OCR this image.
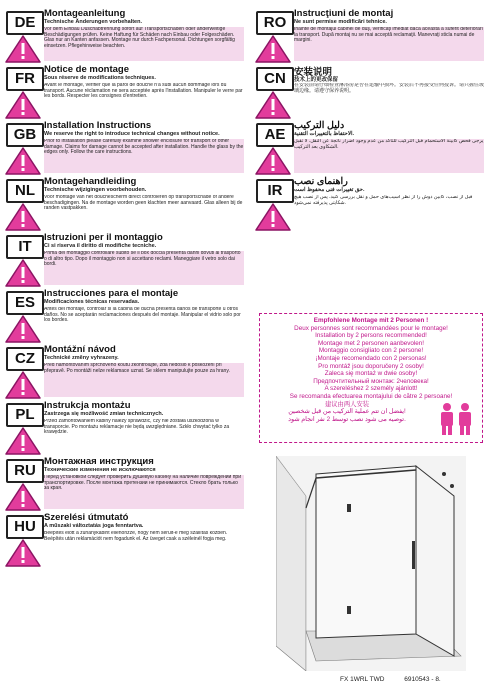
DE
Montageanleitung
Technische Änderungen vorbehalten.
Vor dem Einbau Duschabtrennung sofort auf Transportschäden oder anderweitige Beschädigungen prüfen. Keine Haftung für Schäden nach Einbau oder Folgeschäden. Glas nur an Kanten anfassen. Montage nur durch Fachpersonal. Dichtungen sorgfältig einsetzen. Pflegehinweise beachten.
FR
Notice de montage
Sous réserve de modifications techniques.
Avant le montage, vérifier que la paroi de douche n'a subi aucun dommage lors du transport. Aucune réclamation ne sera acceptée après l'installation. Manipuler le verre par les bords. Respecter les consignes d'entretien.
GB
Installation Instructions
We reserve the right to introduce technical changes without notice.
Prior to installation please carefully examine shower enclosure for transport or other damage. Claims for damage cannot be accepted after installation. Handle the glass by the edges only. Follow the care instructions.
NL
Montagehandleiding
Technische wijzigingen voorbehouden.
Voor montage van het douchescherm direct controleren op transportschade of andere beschadigingen. Na de montage worden geen klachten meer aanvaard. Glas alleen bij de randen vastpakken.
IT
Istruzioni per il montaggio
Ci si riserva il diritto di modifiche tecniche.
Prima del montaggio controllare subito se il box doccia presenta danni dovuti al trasporto o di altro tipo. Dopo il montaggio non si accettano reclami. Maneggiare il vetro solo dai bordi.
ES
Instrucciones para el montaje
Modificaciones técnicas reservadas.
Antes del montaje, controlar si la cabina de ducha presenta daños de transporte u otros daños. No se aceptarán reclamaciones después del montaje. Manipular el vidrio solo por los bordes.
CZ
Montážní návod
Technické změny vyhrazeny.
Před namontováním sprchového koutu zkontrolujte, zda nedošlo k poškození při přepravě. Po montáži nelze reklamace uznat. Se sklem manipulujte pouze za hrany.
PL
Instrukcja montażu
Zastrzega się możliwość zmian technicznych.
Przed zamontowaniem kabiny należy sprawdzić, czy nie została uszkodzona w transporcie. Po montażu reklamacje nie będą uwzględniane. Szkło chwytać tylko za krawędzie.
RU
Монтажная инструкция
Технические изменения не исключаются
Перед установкой следует проверить душевую кабину на наличие повреждений при транспортировке. После монтажа претензии не принимаются. Стекло брать только за края.
HU
Szerelési útmutató
A műszaki változtatás joga fenntartva.
Beépítés előtt a zuhanykabint ellenőrizze, hogy nem sérült-e meg szállítás közben. Beépítés után reklamációt nem fogadunk el. Az üveget csak a széleinél fogja meg.
RO
Instrucţiuni de montaj
Ne sunt permise modificări tehnice.
Înainte de montajul cabinei de duş, verificaţi imediat dacă aceasta a suferit deteriorări la transport. După montaj nu se mai acceptă reclamaţii. Manevraţi sticla numai de margini.
CN 安装说明
技术上的更改保留
在安装前请仔细检查淋浴房是否在运输中损坏。安装后不再接受任何投诉。请只握住玻璃边缘。请遵守保养说明。
AE
دليل التركيب
الاحتفاظ بالتغييرات التقنية.
يرجى فحص كابينة الاستحمام قبل التركيب للتأكد من عدم وجود أضرار ناتجة عن النقل. لا تقبل الشكاوى بعد التركيب.
IR
راهنمای نصب
حق تغییرات فنی محفوظ است.
قبل از نصب، کابین دوش را از نظر آسیب‌های حمل و نقل بررسی کنید. پس از نصب هیچ شکایتی پذیرفته نمی‌شود.
Empfohlene Montage mit 2 Personen !
Deux personnes sont recommandées pour le montage!
Installation by 2 persons recommended!
Montage met 2 personen aanbevolen!
Montaggio consigliato con 2 persone!
¡Montaje recomendado con 2 personas!
Pro montáž jsou doporučeny 2 osoby!
Zaleca się montaż w dwie osoby!
Предпочтительный монтаж: 2человека!
A szereléshez 2 személy ajánlott!
Se recomanda efectuarea montajului de către 2 persoane!
建议由两人安装
يفضل ان تتم عملية التركيب من قبل شخصين!
توصیه می شود نصب توسط 2 نفر انجام شود.
FX 1WRL TWD	6910543 - 8.
